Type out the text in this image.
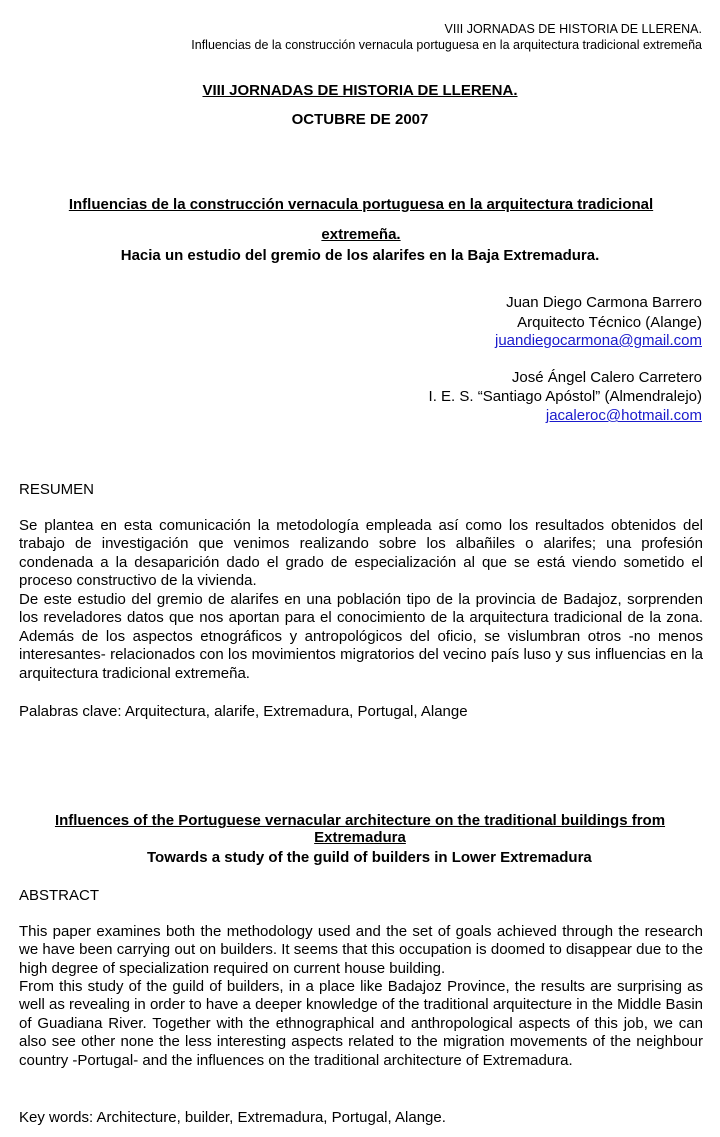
VIII JORNADAS DE HISTORIA DE LLERENA.
Influencias de la construcción vernacula portuguesa en la arquitectura tradicional extremeña
VIII JORNADAS DE HISTORIA DE LLERENA.
OCTUBRE DE 2007
Influencias de la construcción vernacula portuguesa en la arquitectura tradicional extremeña.
Hacia un estudio del gremio de los alarifes en la Baja Extremadura.
Juan Diego Carmona Barrero
Arquitecto Técnico (Alange)
juandiegocarmona@gmail.com
José Ángel Calero Carretero
I. E. S. “Santiago Apóstol” (Almendralejo)
jacaleroc@hotmail.com
RESUMEN
Se plantea en esta comunicación la metodología empleada así como los resultados obtenidos del trabajo de investigación que venimos realizando sobre los albañiles o alarifes; una profesión condenada a la desaparición dado el grado de especialización al que se está viendo sometido el proceso constructivo de la vivienda.
De este estudio del gremio de alarifes en una población tipo de la provincia de Badajoz, sorprenden los reveladores datos que nos aportan para el conocimiento de la arquitectura tradicional de la zona. Además de los aspectos etnográficos y antropológicos del oficio, se vislumbran otros -no menos interesantes- relacionados con los movimientos migratorios del vecino país luso y sus influencias en la arquitectura tradicional extremeña.
Palabras clave: Arquitectura, alarife, Extremadura, Portugal, Alange
Influences of the Portuguese vernacular architecture on the traditional buildings from Extremadura
Towards a study of the guild of builders in Lower Extremadura
ABSTRACT
This paper examines both the methodology used and the set of goals achieved through the research we have been carrying out on builders. It seems that this occupation is doomed to disappear due to the high degree of specialization required on current house building.
From this study of the guild of builders, in a place like Badajoz Province, the results are surprising as well as revealing in order to have a deeper knowledge of the traditional arquitecture in the Middle Basin of Guadiana River. Together with the ethnographical and anthropological aspects of this job, we can also see other none the less interesting aspects related to the migration movements of the neighbour country -Portugal- and the influences on the traditional architecture of Extremadura.
Key words: Architecture, builder, Extremadura, Portugal, Alange.
